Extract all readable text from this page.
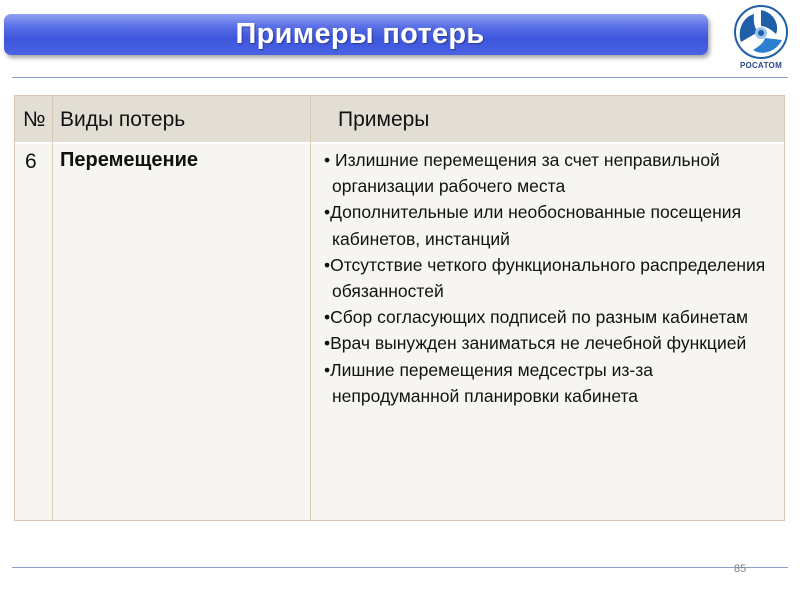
Примеры потерь
РОСАТОМ
№ Виды потерь	Примеры
6 Перемещение	• Излишние перемещения за счет неправильной организации рабочего места
•Дополнительные или необоснованные посещения кабинетов, инстанций
•Отсутствие четкого функционального распределения обязанностей
•Сбор согласующих подписей по разным кабинетам
•Врач вынужден заниматься не лечебной функцией
•Лишние перемещения медсестры из-за непродуманной планировки кабинета
85
